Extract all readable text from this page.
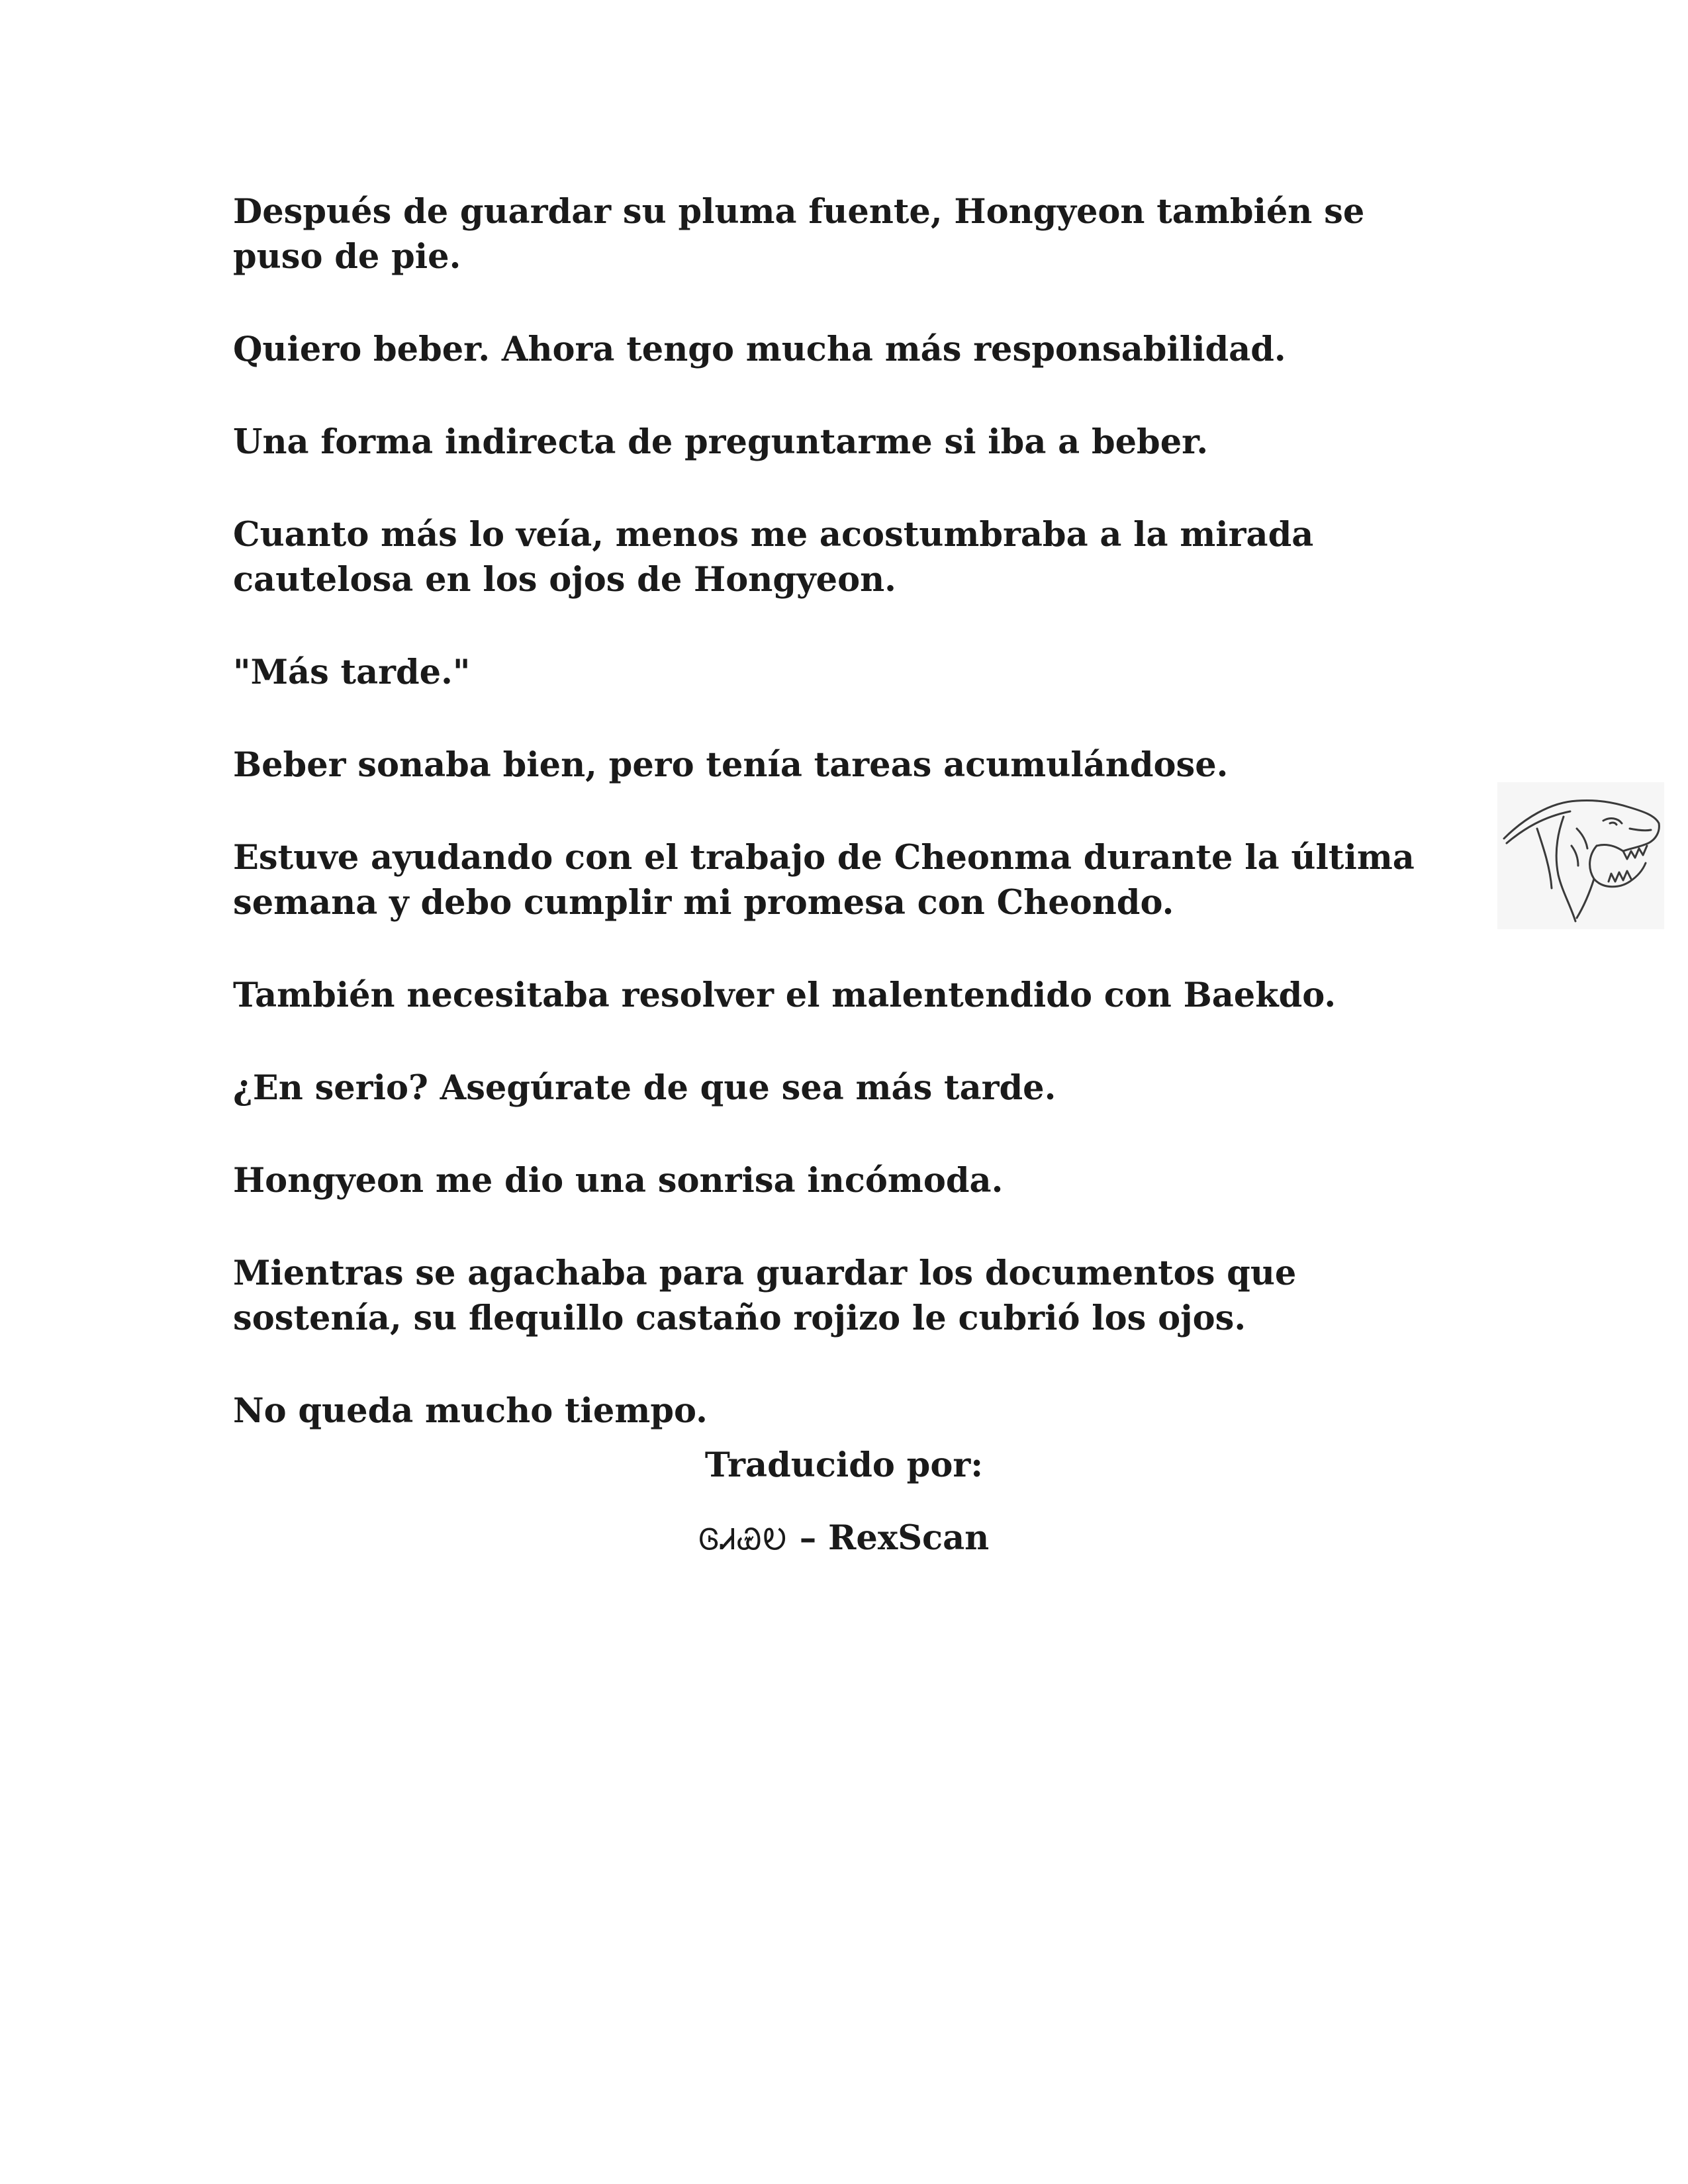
Después de guardar su pluma fuente, Hongyeon también se puso de pie.

Quiero beber. Ahora tengo mucha más responsabilidad.

Una forma indirecta de preguntarme si iba a beber.

Cuanto más lo veía, menos me acostumbraba a la mirada cautelosa en los ojos de Hongyeon.

"Más tarde."

Beber sonaba bien, pero tenía tareas acumulándose.

Estuve ayudando con el trabajo de Cheonma durante la última semana y debo cumplir mi promesa con Cheondo.

También necesitaba resolver el malentendido con Baekdo.

¿En serio? Asegúrate de que sea más tarde.

Hongyeon me dio una sonrisa incómoda.

Mientras se agachaba para guardar los documentos que sostenía, su flequillo castaño rojizo le cubrió los ojos.

No queda mucho tiempo.

Traducido por:
ᎶᏗᏯᎧ – RexScan
